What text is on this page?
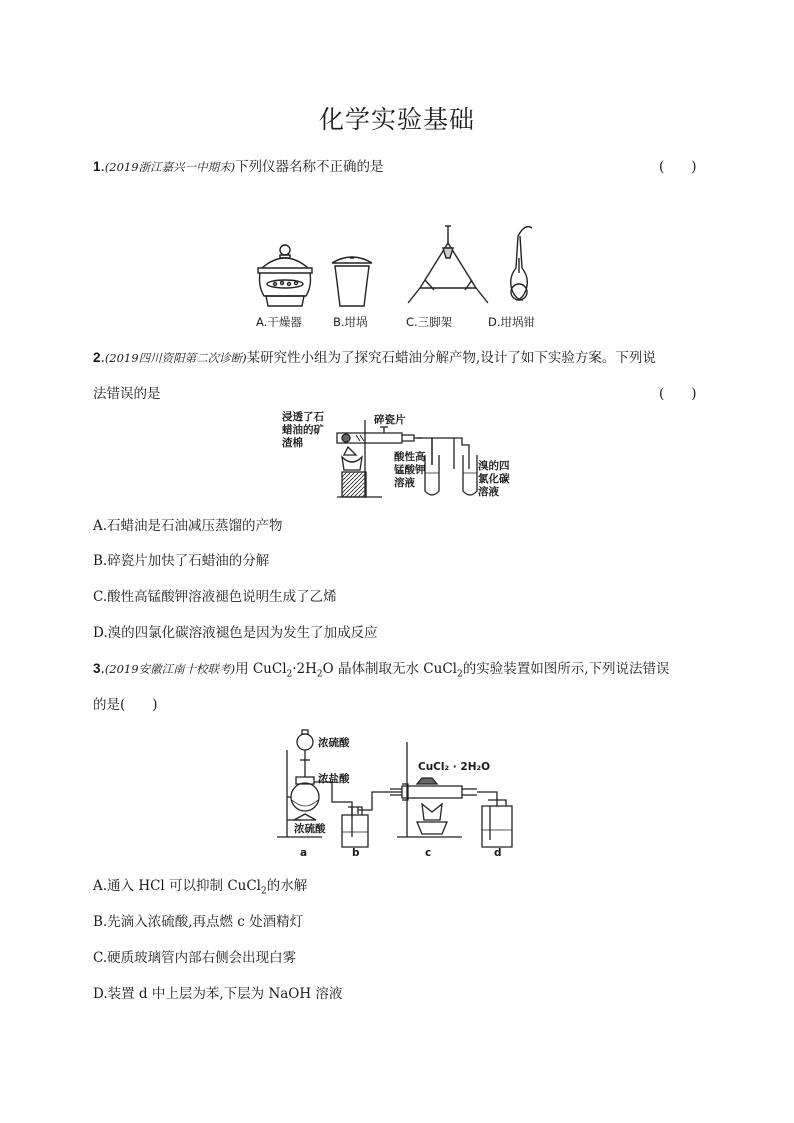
化学实验基础
1.(2019浙江嘉兴一中期末)下列仪器名称不正确的是	(　　)
A.干燥器	B.坩埚	C.三脚架	D.坩埚钳
2.(2019四川资阳第二次诊断)某研究性小组为了探究石蜡油分解产物,设计了如下实验方案。下列说
法错误的是	(　　)
浸透了石
蜡油的矿
渣棉
碎瓷片
酸性高
锰酸钾
溶液
溴的四
氯化碳
溶液
A.石蜡油是石油减压蒸馏的产物
B.碎瓷片加快了石蜡油的分解
C.酸性高锰酸钾溶液褪色说明生成了乙烯
D.溴的四氯化碳溶液褪色是因为发生了加成反应
3.(2019安徽江南十校联考)用 $CuCl_2\cdot 2H_2O$ 晶体制取无水 CuCl$_2$的实验装置如图所示,下列说法错误
的是(　　)
浓硫酸
浓盐酸
浓硫酸
CuCl₂ · 2H₂O
a	b	c	d
A.通入 HCl 可以抑制 CuCl$_2$的水解
B.先滴入浓硫酸,再点燃 c 处酒精灯
C.硬质玻璃管内部右侧会出现白雾
D.装置 d 中上层为苯,下层为 NaOH 溶液
